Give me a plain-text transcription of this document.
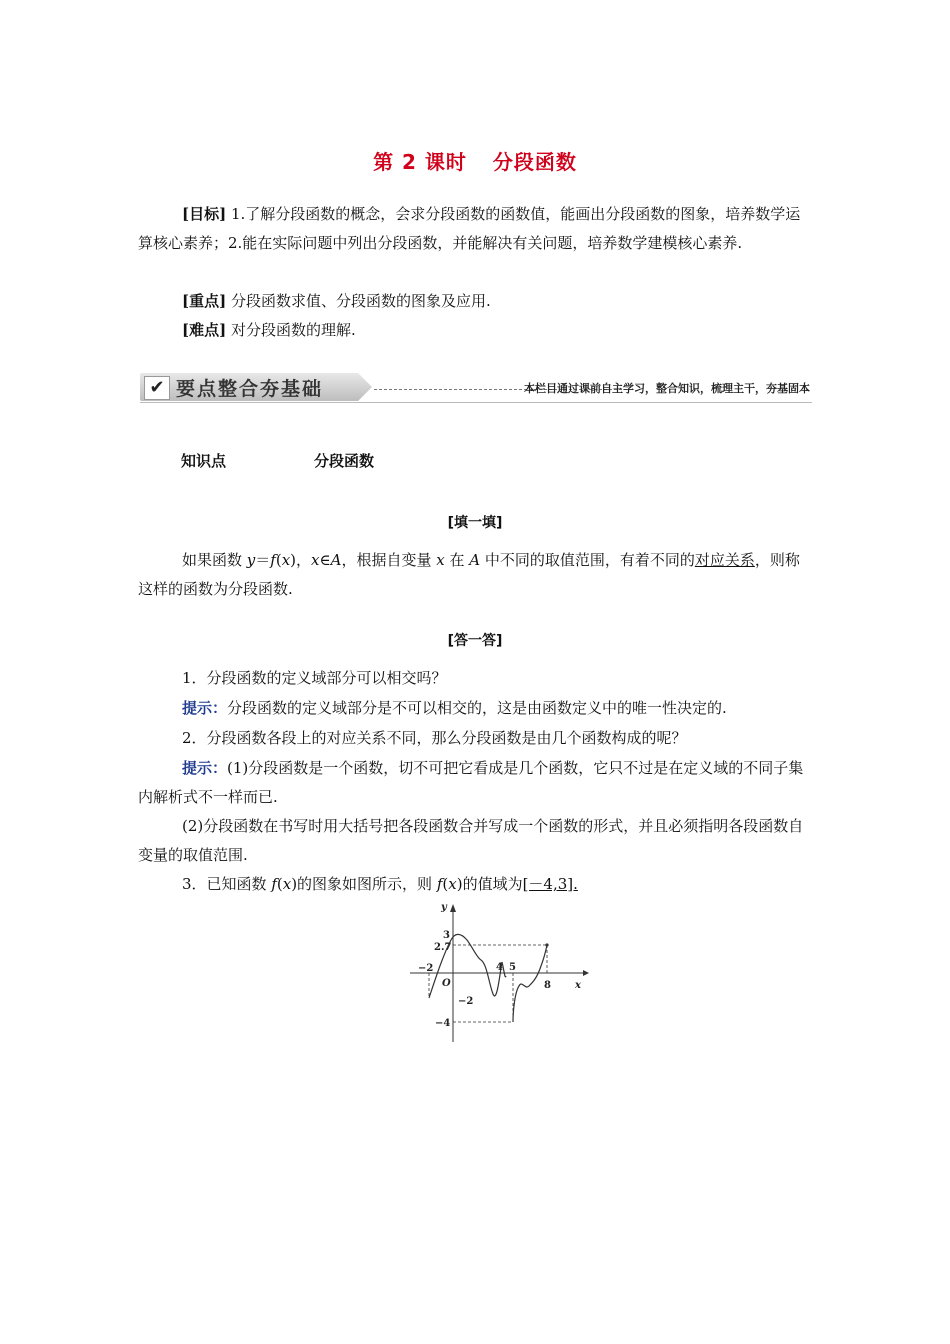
第 2 课时 分段函数
[目标] 1.了解分段函数的概念，会求分段函数的函数值，能画出分段函数的图象，培养数学运算核心素养；2.能在实际问题中列出分段函数，并能解决有关问题，培养数学建模核心素养.
[重点] 分段函数求值、分段函数的图象及应用.
[难点] 对分段函数的理解.
✔ 要点整合夯基础	本栏目通过课前自主学习，整合知识，梳理主干，夯基固本
知识点	分段函数
[填一填]
如果函数 y＝f(x)，x∈A，根据自变量 x 在 A 中不同的取值范围，有着不同的对应关系，则称这样的函数为分段函数.
[答一答]
1．分段函数的定义域部分可以相交吗？
提示：分段函数的定义域部分是不可以相交的，这是由函数定义中的唯一性决定的.
2．分段函数各段上的对应关系不同，那么分段函数是由几个函数构成的呢？
提示：(1)分段函数是一个函数，切不可把它看成是几个函数，它只不过是在定义域的不同子集内解析式不一样而已.
(2)分段函数在书写时用大括号把各段函数合并写成一个函数的形式，并且必须指明各段函数自变量的取值范围.
3．已知函数 f(x)的图象如图所示，则 f(x)的值域为[－4,3].
y
x
O
3
2.7
−2	4 5
8
−2
−4
